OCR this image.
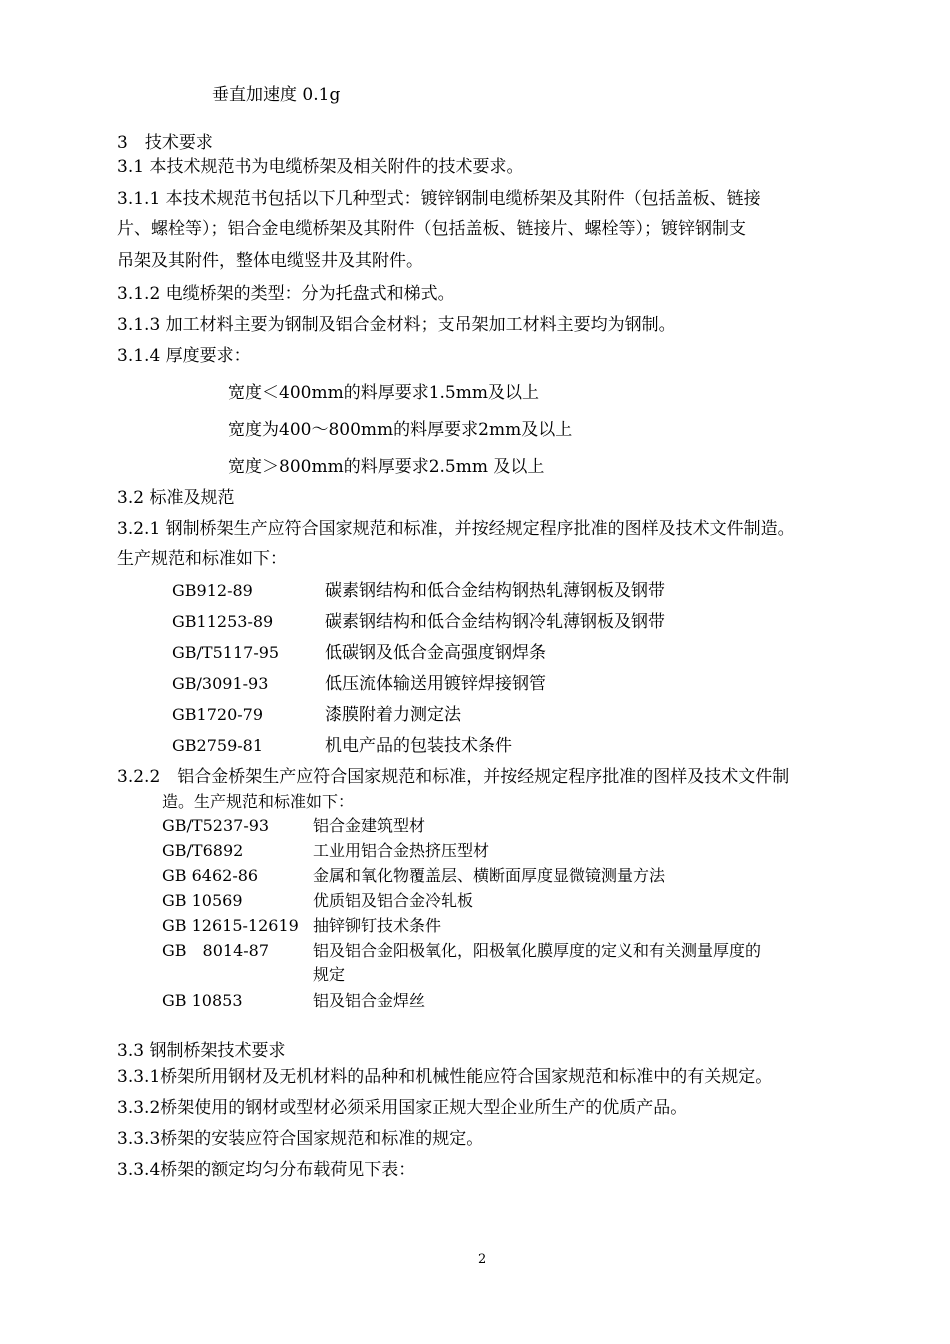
垂直加速度 0.1g
3　技术要求
3.1 本技术规范书为电缆桥架及相关附件的技术要求。
3.1.1 本技术规范书包括以下几种型式：镀锌钢制电缆桥架及其附件（包括盖板、链接
片、螺栓等）；铝合金电缆桥架及其附件（包括盖板、链接片、螺栓等）；镀锌钢制支
吊架及其附件，整体电缆竖井及其附件。
3.1.2 电缆桥架的类型：分为托盘式和梯式。
3.1.3 加工材料主要为钢制及铝合金材料；支吊架加工材料主要均为钢制。
3.1.4 厚度要求：
宽度＜400mm的料厚要求1.5mm及以上
宽度为400～800mm的料厚要求2mm及以上
宽度＞800mm的料厚要求2.5mm 及以上
3.2 标准及规范
3.2.1 钢制桥架生产应符合国家规范和标准，并按经规定程序批准的图样及技术文件制造。
生产规范和标准如下：
GB912-89	碳素钢结构和低合金结构钢热轧薄钢板及钢带
GB11253-89	碳素钢结构和低合金结构钢冷轧薄钢板及钢带
GB/T5117-95	低碳钢及低合金高强度钢焊条
GB/3091-93	低压流体输送用镀锌焊接钢管
GB1720-79	漆膜附着力测定法
GB2759-81	机电产品的包装技术条件
3.2.2　铝合金桥架生产应符合国家规范和标准，并按经规定程序批准的图样及技术文件制
造。生产规范和标准如下：
GB/T5237-93	铝合金建筑型材
GB/T6892	工业用铝合金热挤压型材
GB 6462-86	金属和氧化物覆盖层、横断面厚度显微镜测量方法
GB 10569	优质铝及铝合金冷轧板
GB 12615-12619 抽锌铆钉技术条件
GB　8014-87	铝及铝合金阳极氧化，阳极氧化膜厚度的定义和有关测量厚度的
规定
GB 10853	铝及铝合金焊丝
3.3 钢制桥架技术要求
3.3.1桥架所用钢材及无机材料的品种和机械性能应符合国家规范和标准中的有关规定。
3.3.2桥架使用的钢材或型材必须采用国家正规大型企业所生产的优质产品。
3.3.3桥架的安装应符合国家规范和标准的规定。
3.3.4桥架的额定均匀分布载荷见下表：
2
